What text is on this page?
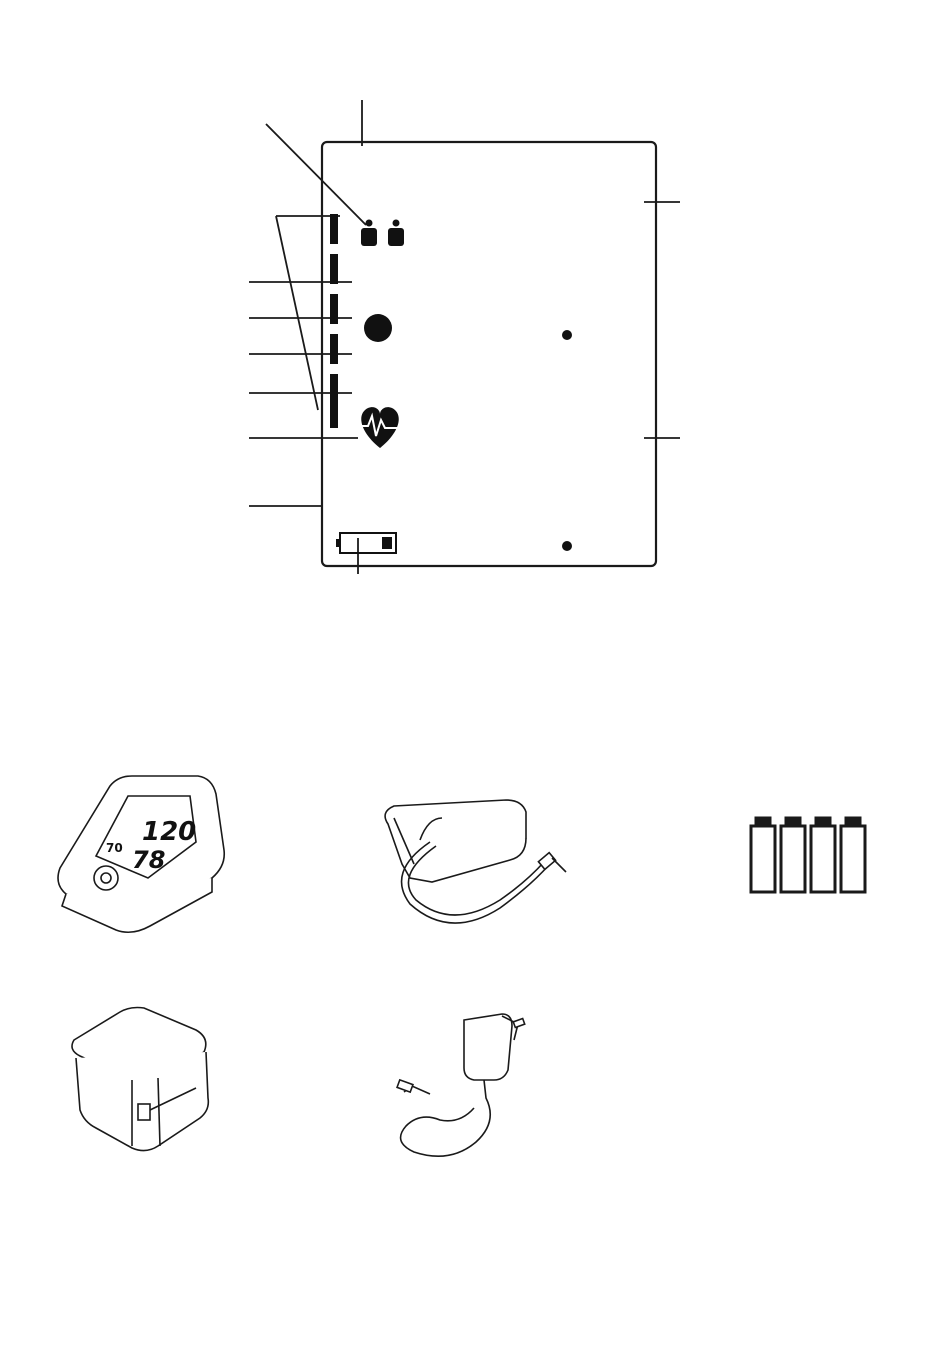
120
78
70
